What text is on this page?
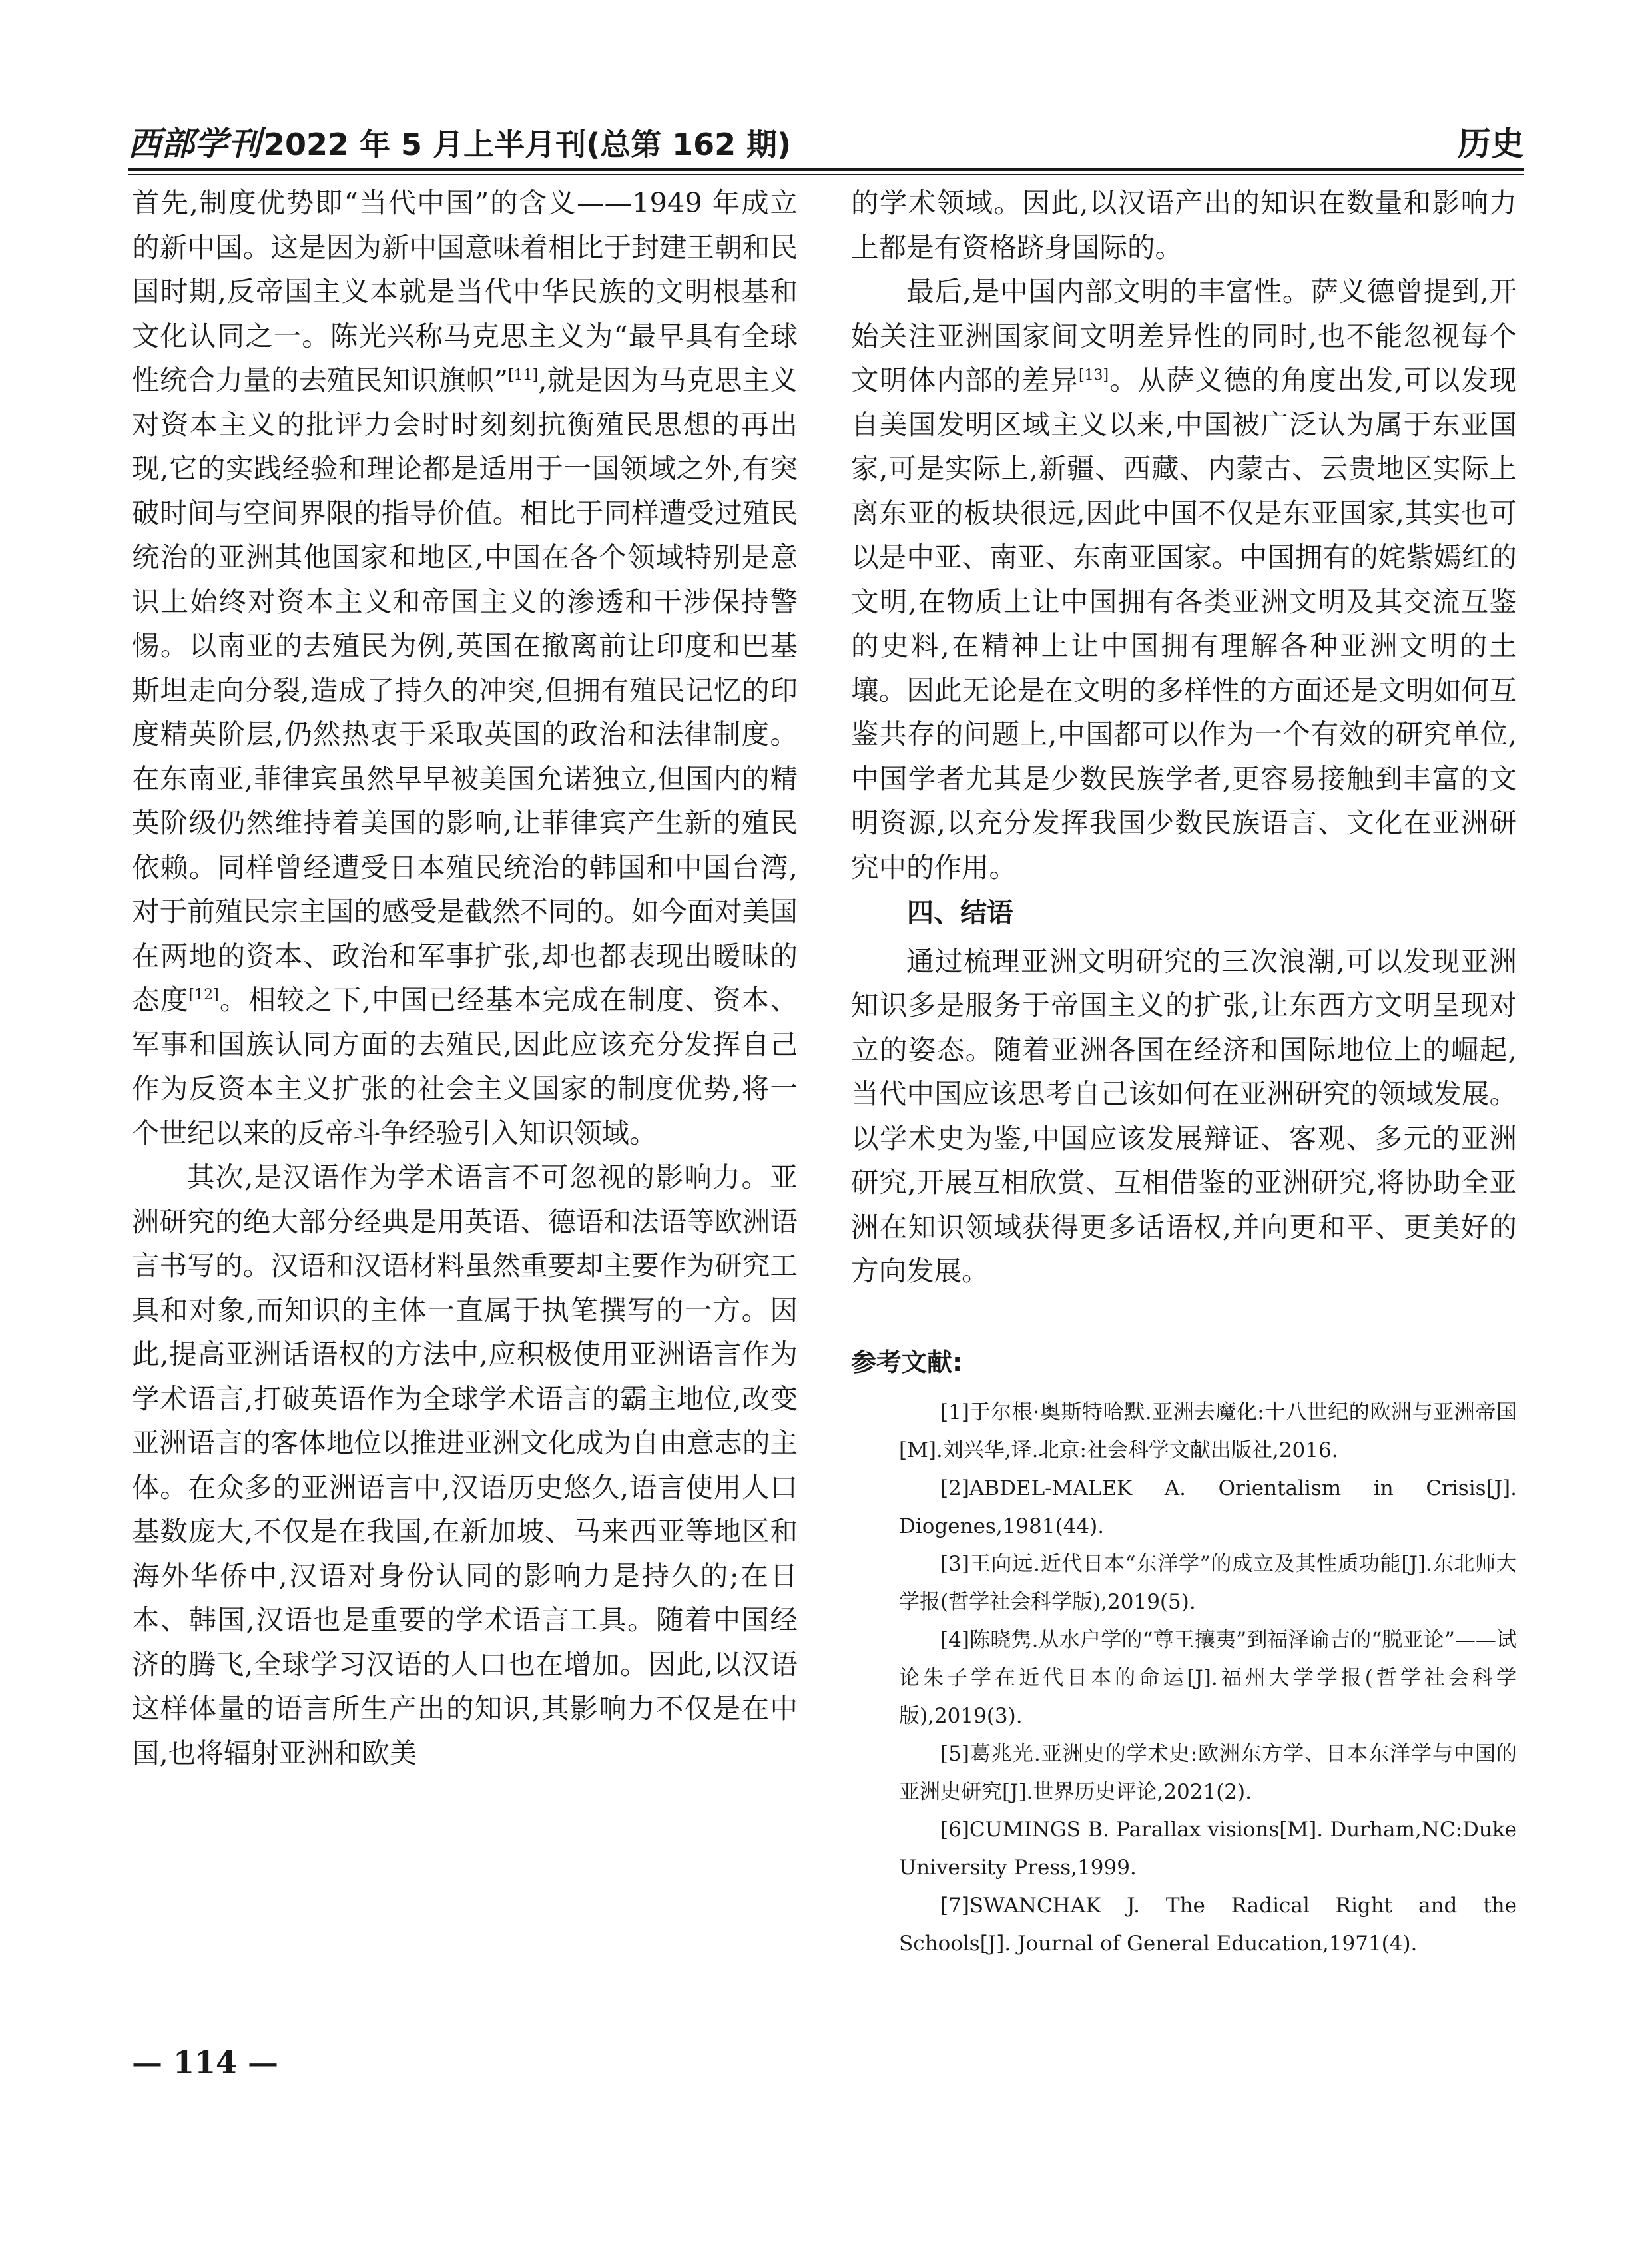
西部学刊 2022 年 5 月上半月刊(总第 162 期)	历史

首先,制度优势即“当代中国”的含义——1949 年成立的新中国。这是因为新中国意味着相比于封建王朝和民国时期,反帝国主义本就是当代中华民族的文明根基和文化认同之一。陈光兴称马克思主义为“最早具有全球性统合力量的去殖民知识旗帜”[11],就是因为马克思主义对资本主义的批评力会时时刻刻抗衡殖民思想的再出现,它的实践经验和理论都是适用于一国领域之外,有突破时间与空间界限的指导价值。相比于同样遭受过殖民统治的亚洲其他国家和地区,中国在各个领域特别是意识上始终对资本主义和帝国主义的渗透和干涉保持警惕。以南亚的去殖民为例,英国在撤离前让印度和巴基斯坦走向分裂,造成了持久的冲突,但拥有殖民记忆的印度精英阶层,仍然热衷于采取英国的政治和法律制度。在东南亚,菲律宾虽然早早被美国允诺独立,但国内的精英阶级仍然维持着美国的影响,让菲律宾产生新的殖民依赖。同样曾经遭受日本殖民统治的韩国和中国台湾,对于前殖民宗主国的感受是截然不同的。如今面对美国在两地的资本、政治和军事扩张,却也都表现出暧昧的态度[12]。相较之下,中国已经基本完成在制度、资本、军事和国族认同方面的去殖民,因此应该充分发挥自己作为反资本主义扩张的社会主义国家的制度优势,将一个世纪以来的反帝斗争经验引入知识领域。

其次,是汉语作为学术语言不可忽视的影响力。亚洲研究的绝大部分经典是用英语、德语和法语等欧洲语言书写的。汉语和汉语材料虽然重要却主要作为研究工具和对象,而知识的主体一直属于执笔撰写的一方。因此,提高亚洲话语权的方法中,应积极使用亚洲语言作为学术语言,打破英语作为全球学术语言的霸主地位,改变亚洲语言的客体地位以推进亚洲文化成为自由意志的主体。在众多的亚洲语言中,汉语历史悠久,语言使用人口基数庞大,不仅是在我国,在新加坡、马来西亚等地区和海外华侨中,汉语对身份认同的影响力是持久的;在日本、韩国,汉语也是重要的学术语言工具。随着中国经济的腾飞,全球学习汉语的人口也在增加。因此,以汉语这样体量的语言所生产出的知识,其影响力不仅是在中国,也将辐射亚洲和欧美

的学术领域。因此,以汉语产出的知识在数量和影响力上都是有资格跻身国际的。

最后,是中国内部文明的丰富性。萨义德曾提到,开始关注亚洲国家间文明差异性的同时,也不能忽视每个文明体内部的差异[13]。从萨义德的角度出发,可以发现自美国发明区域主义以来,中国被广泛认为属于东亚国家,可是实际上,新疆、西藏、内蒙古、云贵地区实际上离东亚的板块很远,因此中国不仅是东亚国家,其实也可以是中亚、南亚、东南亚国家。中国拥有的姹紫嫣红的文明,在物质上让中国拥有各类亚洲文明及其交流互鉴的史料,在精神上让中国拥有理解各种亚洲文明的土壤。因此无论是在文明的多样性的方面还是文明如何互鉴共存的问题上,中国都可以作为一个有效的研究单位,中国学者尤其是少数民族学者,更容易接触到丰富的文明资源,以充分发挥我国少数民族语言、文化在亚洲研究中的作用。

四、结语

通过梳理亚洲文明研究的三次浪潮,可以发现亚洲知识多是服务于帝国主义的扩张,让东西方文明呈现对立的姿态。随着亚洲各国在经济和国际地位上的崛起,当代中国应该思考自己该如何在亚洲研究的领域发展。以学术史为鉴,中国应该发展辩证、客观、多元的亚洲研究,开展互相欣赏、互相借鉴的亚洲研究,将协助全亚洲在知识领域获得更多话语权,并向更和平、更美好的方向发展。

参考文献:

[1]于尔根·奥斯特哈默.亚洲去魔化:十八世纪的欧洲与亚洲帝国[M].刘兴华,译.北京:社会科学文献出版社,2016.

[2]ABDEL-MALEK A. Orientalism in Crisis[J]. Diogenes,1981(44).

[3]王向远.近代日本“东洋学”的成立及其性质功能[J].东北师大学报(哲学社会科学版),2019(5).

[4]陈晓隽.从水户学的“尊王攘夷”到福泽谕吉的“脱亚论”——试论朱子学在近代日本的命运[J].福州大学学报(哲学社会科学版),2019(3).

[5]葛兆光.亚洲史的学术史:欧洲东方学、日本东洋学与中国的亚洲史研究[J].世界历史评论,2021(2).

[6]CUMINGS B. Parallax visions[M]. Durham,NC:Duke University Press,1999.

[7]SWANCHAK J. The Radical Right and the Schools[J]. Journal of General Education,1971(4).

— 114 —
